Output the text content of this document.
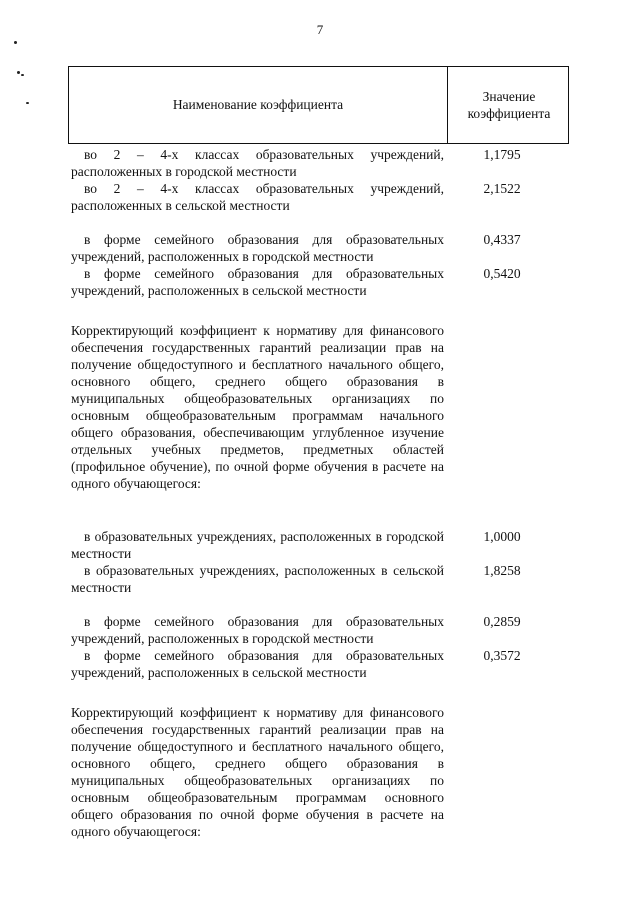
7
Наименование коэффициента
Значение
коэффициента
во 2 – 4-х классах образовательных учреждений, расположенных в городской местности
1,1795
во 2 – 4-х классах образовательных учреждений, расположенных в сельской местности
2,1522
в форме семейного образования для образовательных учреждений, расположенных в городской местности
0,4337
в форме семейного образования для образовательных учреждений, расположенных в сельской местности
0,5420
Корректирующий коэффициент к нормативу для финансового обеспечения государственных гарантий реализации прав на получение общедоступного и бесплатного начального общего, основного общего, среднего общего образования в муниципальных общеобразовательных организациях по основным общеобразовательным программам начального общего образования, обеспечивающим углубленное изучение отдельных учебных предметов, предметных областей (профильное обучение), по очной форме обучения в расчете на одного обучающегося:
в образовательных учреждениях, расположенных в городской местности
1,0000
в образовательных учреждениях, расположенных в сельской местности
1,8258
в форме семейного образования для образовательных учреждений, расположенных в городской местности
0,2859
в форме семейного образования для образовательных учреждений, расположенных в сельской местности
0,3572
Корректирующий коэффициент к нормативу для финансового обеспечения государственных гарантий реализации прав на получение общедоступного и бесплатного начального общего, основного общего, среднего общего образования в муниципальных общеобразовательных организациях по основным общеобразовательным программам основного общего образования по очной форме обучения в расчете на одного обучающегося:
